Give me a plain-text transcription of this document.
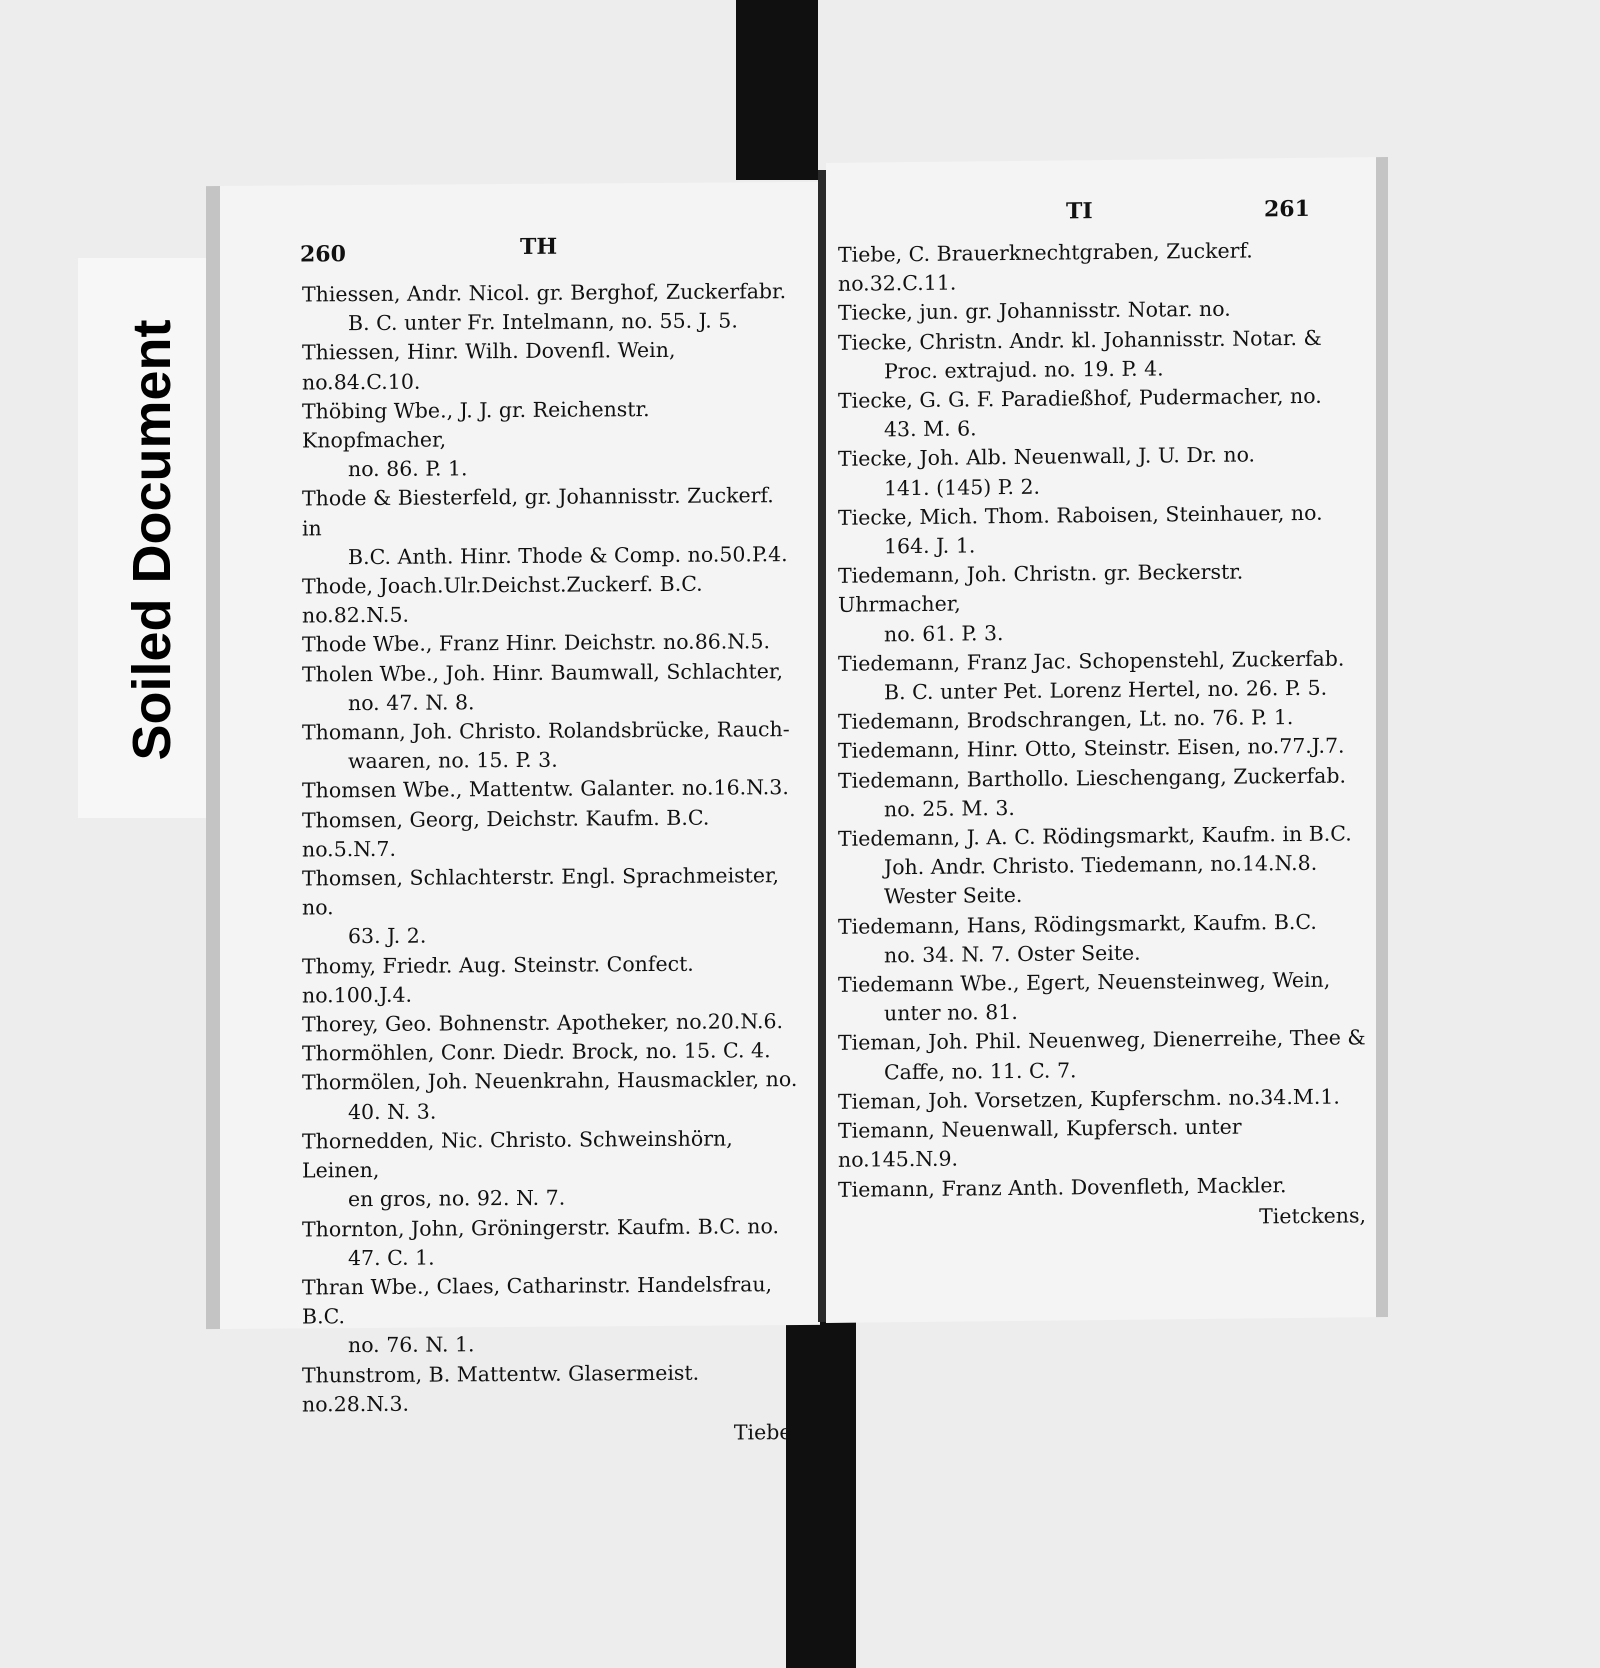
Soiled Document
260	TH
Thiessen, Andr. Nicol. gr. Berghof, Zuckerfabr.
B. C. unter Fr. Intelmann, no. 55. J. 5.
Thiessen, Hinr. Wilh. Dovenfl. Wein, no.84.C.10.
Thöbing Wbe., J. J. gr. Reichenstr. Knopfmacher,
no. 86. P. 1.
Thode & Biesterfeld, gr. Johannisstr. Zuckerf. in
B.C. Anth. Hinr. Thode & Comp. no.50.P.4.
Thode, Joach.Ulr.Deichst.Zuckerf. B.C. no.82.N.5.
Thode Wbe., Franz Hinr. Deichstr. no.86.N.5.
Tholen Wbe., Joh. Hinr. Baumwall, Schlachter,
no. 47. N. 8.
Thomann, Joh. Christo. Rolandsbrücke, Rauch-
waaren, no. 15. P. 3.
Thomsen Wbe., Mattentw. Galanter. no.16.N.3.
Thomsen, Georg, Deichstr. Kaufm. B.C. no.5.N.7.
Thomsen, Schlachterstr. Engl. Sprachmeister, no.
63. J. 2.
Thomy, Friedr. Aug. Steinstr. Confect. no.100.J.4.
Thorey, Geo. Bohnenstr. Apotheker, no.20.N.6.
Thormöhlen, Conr. Diedr. Brock, no. 15. C. 4.
Thormölen, Joh. Neuenkrahn, Hausmackler, no.
40. N. 3.
Thornedden, Nic. Christo. Schweinshörn, Leinen,
en gros, no. 92. N. 7.
Thornton, John, Gröningerstr. Kaufm. B.C. no.
47. C. 1.
Thran Wbe., Claes, Catharinstr. Handelsfrau, B.C.
no. 76. N. 1.
Thunstrom, B. Mattentw. Glasermeist. no.28.N.3.
Tiebe,
TI	261
Tiebe, C. Brauerknechtgraben, Zuckerf. no.32.C.11.
Tiecke, jun. gr. Johannisstr. Notar. no.
Tiecke, Christn. Andr. kl. Johannisstr. Notar. &
Proc. extrajud. no. 19. P. 4.
Tiecke, G. G. F. Paradießhof, Pudermacher, no.
43. M. 6.
Tiecke, Joh. Alb. Neuenwall, J. U. Dr. no.
141. (145) P. 2.
Tiecke, Mich. Thom. Raboisen, Steinhauer, no.
164. J. 1.
Tiedemann, Joh. Christn. gr. Beckerstr. Uhrmacher,
no. 61. P. 3.
Tiedemann, Franz Jac. Schopenstehl, Zuckerfab.
B. C. unter Pet. Lorenz Hertel, no. 26. P. 5.
Tiedemann, Brodschrangen, Lt. no. 76. P. 1.
Tiedemann, Hinr. Otto, Steinstr. Eisen, no.77.J.7.
Tiedemann, Barthollo. Lieschengang, Zuckerfab.
no. 25. M. 3.
Tiedemann, J. A. C. Rödingsmarkt, Kaufm. in B.C.
Joh. Andr. Christo. Tiedemann, no.14.N.8.
Wester Seite.
Tiedemann, Hans, Rödingsmarkt, Kaufm. B.C.
no. 34. N. 7. Oster Seite.
Tiedemann Wbe., Egert, Neuensteinweg, Wein,
unter no. 81.
Tieman, Joh. Phil. Neuenweg, Dienerreihe, Thee &
Caffe, no. 11. C. 7.
Tieman, Joh. Vorsetzen, Kupferschm. no.34.M.1.
Tiemann, Neuenwall, Kupfersch. unter no.145.N.9.
Tiemann, Franz Anth. Dovenfleth, Mackler.
Tietckens,
